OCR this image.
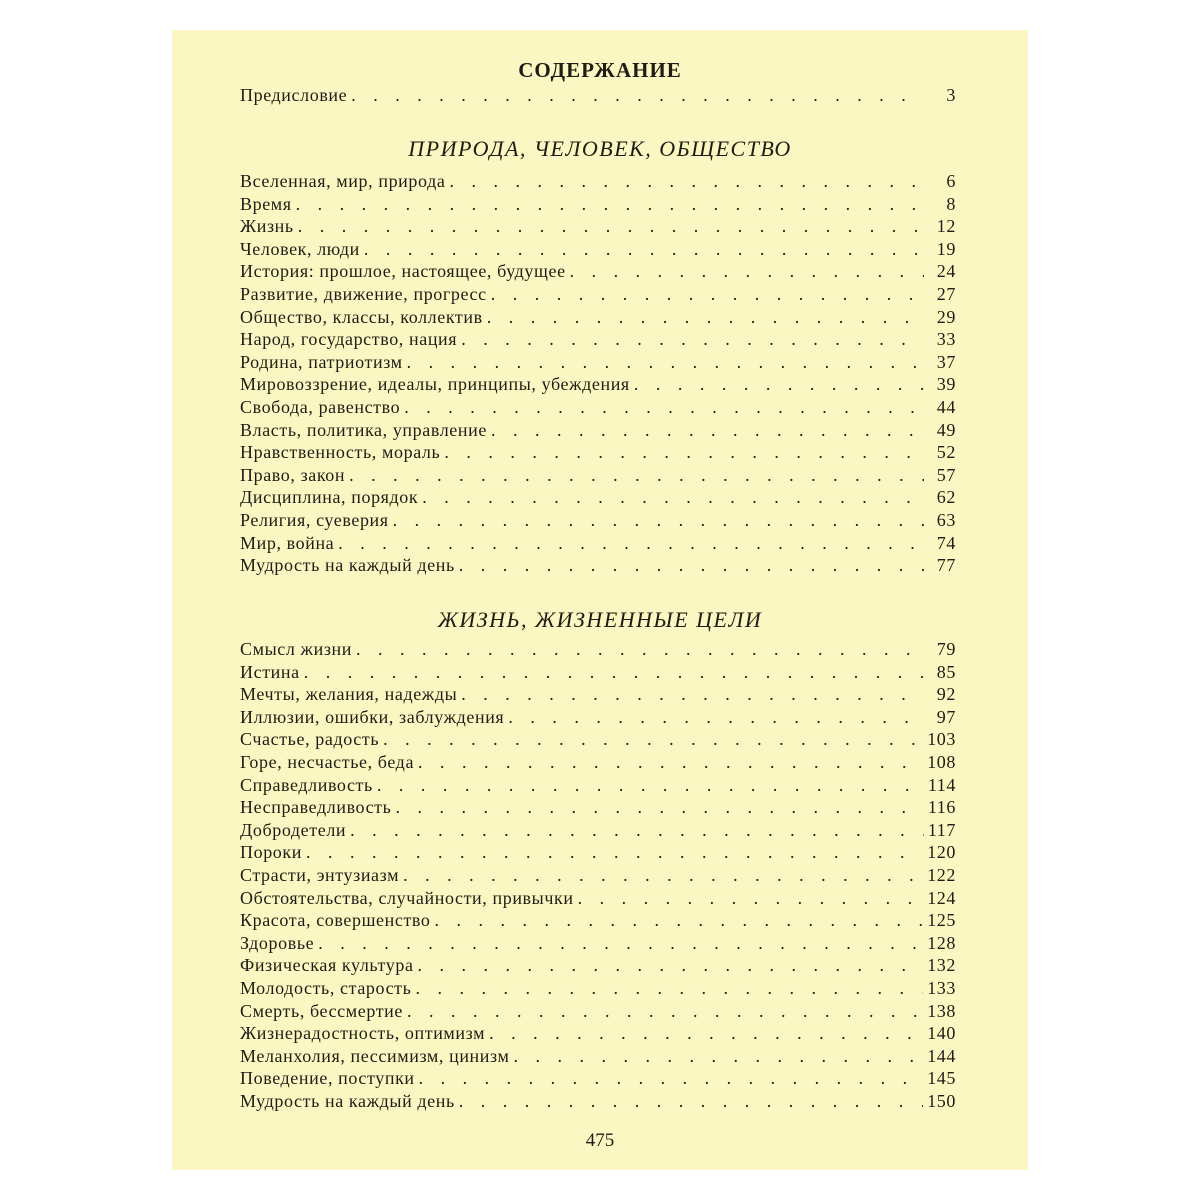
СОДЕРЖАНИЕ
Предисловие . . .	3
ПРИРОДА, ЧЕЛОВЕК, ОБЩЕСТВО
Вселенная, мир, природа . . .	6
Время . . .	8
Жизнь . . .	12
Человек, люди . . .	19
История: прошлое, настоящее, будущее . . .	24
Развитие, движение, прогресс . . .	27
Общество, классы, коллектив . . .	29
Народ, государство, нация . . .	33
Родина, патриотизм . . .	37
Мировоззрение, идеалы, принципы, убеждения . . .	39
Свобода, равенство . . .	44
Власть, политика, управление . . .	49
Нравственность, мораль . . .	52
Право, закон . . .	57
Дисциплина, порядок . . .	62
Религия, суеверия . . .	63
Мир, война . . .	74
Мудрость на каждый день . . .	77
ЖИЗНЬ, ЖИЗНЕННЫЕ ЦЕЛИ
Смысл жизни . . .	79
Истина . . .	85
Мечты, желания, надежды . . .	92
Иллюзии, ошибки, заблуждения . . .	97
Счастье, радость . . .	103
Горе, несчастье, беда . . .	108
Справедливость . . .	114
Несправедливость . . .	116
Добродетели . . .	117
Пороки . . .	120
Страсти, энтузиазм . . .	122
Обстоятельства, случайности, привычки . . .	124
Красота, совершенство . . .	125
Здоровье . . .	128
Физическая культура . . .	132
Молодость, старость . . .	133
Смерть, бессмертие . . .	138
Жизнерадостность, оптимизм . . .	140
Меланхолия, пессимизм, цинизм . . .	144
Поведение, поступки . . .	145
Мудрость на каждый день . . .	150
475
